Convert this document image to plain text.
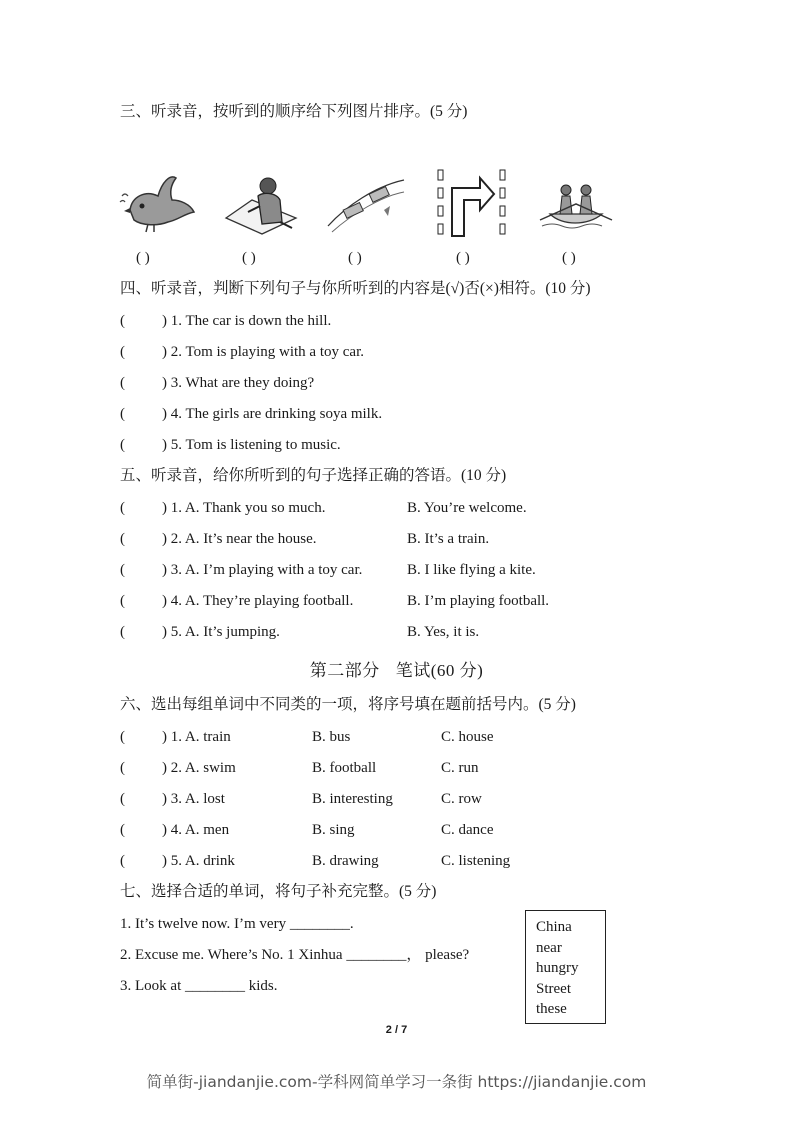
三、听录音，按听到的顺序给下列图片排序。(5 分)
( )	( )	( )	( )	( )
四、听录音，判断下列句子与你所听到的内容是(√)否(×)相符。(10 分)
( ) 1. The car is down the hill.
( ) 2. Tom is playing with a toy car.
( ) 3. What are they doing?
( ) 4. The girls are drinking soya milk.
( ) 5. Tom is listening to music.
五、听录音，给你所听到的句子选择正确的答语。(10 分)
( ) 1. A. Thank you so much.	B. You’re welcome.
( ) 2. A. It’s near the house.	B. It’s a train.
( ) 3. A. I’m playing with a toy car.	B. I like flying a kite.
( ) 4. A. They’re playing football.	B. I’m playing football.
( ) 5. A. It’s jumping.	B. Yes, it is.
第二部分 笔试(60 分)
六、选出每组单词中不同类的一项，将序号填在题前括号内。(5 分)
( ) 1. A. train	B. bus	C. house
( ) 2. A. swim	B. football	C. run
( ) 3. A. lost	B. interesting	C. row
( ) 4. A. men	B. sing	C. dance
( ) 5. A. drink	B. drawing	C. listening
七、选择合适的单词，将句子补充完整。(5 分)
1. It’s twelve now. I’m very ________.
2. Excuse me. Where’s No. 1 Xinhua ________， please?
3. Look at ________ kids.
China
near
hungry
Street
these
2 / 7
简单街-jiandanjie.com-学科网简单学习一条街 https://jiandanjie.com
